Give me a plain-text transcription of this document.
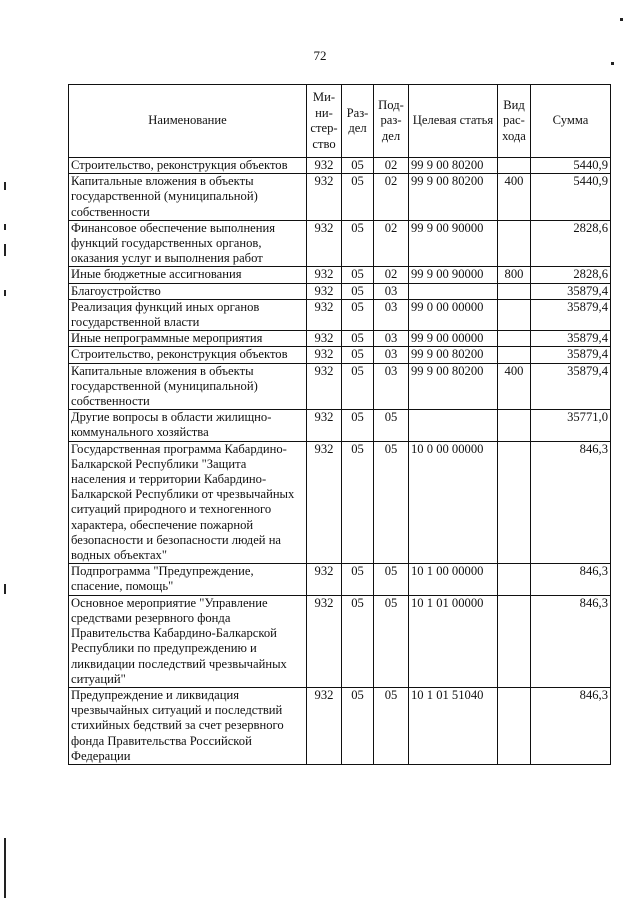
72
Наименование	Ми-ни-стер-ство	Раз-дел	Под-раз-дел	Целевая статья	Вид рас-хода	Сумма
Строительство, реконструкция объектов	932	05	02	99 9 00 80200		5440,9
Капитальные вложения в объекты государственной (муниципальной) собственности	932	05	02	99 9 00 80200	400	5440,9
Финансовое обеспечение выполнения функций государственных органов, оказания услуг и выполнения работ	932	05	02	99 9 00 90000		2828,6
Иные бюджетные ассигнования	932	05	02	99 9 00 90000	800	2828,6
Благоустройство	932	05	03			35879,4
Реализация функций иных органов государственной власти	932	05	03	99 0 00 00000		35879,4
Иные непрограммные мероприятия	932	05	03	99 9 00 00000		35879,4
Строительство, реконструкция объектов	932	05	03	99 9 00 80200		35879,4
Капитальные вложения в объекты государственной (муниципальной) собственности	932	05	03	99 9 00 80200	400	35879,4
Другие вопросы в области жилищно-коммунального хозяйства	932	05	05			35771,0
Государственная программа Кабардино-Балкарской Республики "Защита населения и территории Кабардино-Балкарской Республики от чрезвычайных ситуаций природного и техногенного характера, обеспечение пожарной безопасности и безопасности людей на водных объектах"	932	05	05	10 0 00 00000		846,3
Подпрограмма "Предупреждение, спасение, помощь"	932	05	05	10 1 00 00000		846,3
Основное мероприятие "Управление средствами резервного фонда Правительства Кабардино-Балкарской Республики по предупреждению и ликвидации последствий чрезвычайных ситуаций"	932	05	05	10 1 01 00000		846,3
Предупреждение и ликвидация чрезвычайных ситуаций и последствий стихийных бедствий за счет резервного фонда Правительства Российской Федерации	932	05	05	10 1 01 51040		846,3
